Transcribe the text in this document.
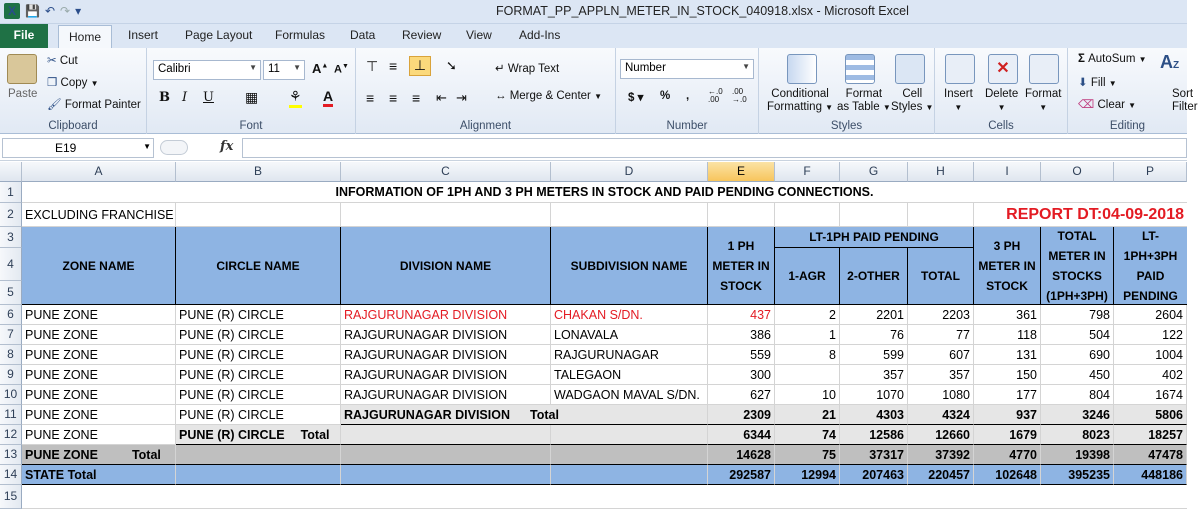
X 💾 ↶ ↷ ▾	FORMAT_PP_APPLN_METER_IN_STOCK_040918.xlsx - Microsoft Excel
File	Home	Insert Page Layout Formulas Data Review View Add-Ins
Paste
✂ Cut
❐ Copy ▼
🖌 Format Painter
Clipboard
Calibri	▼ 11 ▼ A▲ A▼
B I U ▦ ⚘ A
Font
⊤ ≡	⊥	➘
≡ ≡ ≡ ⇤ ⇥
↵ Wrap Text
↔ Merge & Center ▼
Alignment
Number	▼
$ ▾ % , ←.0
.00
.00
→.0
Number
Conditional
Formatting ▼
Format
as Table ▼
Cell
Styles ▼
Styles
Insert
▼
✕
Delete
▼
Format
▼
Cells
Σ AutoSum ▼
⬇ Fill ▼
⌫ Clear ▼
AZ
Sort
Filter
Editing
E19	▼	fx
A	B	C	D	E	F	G	H	I	O	P
1
2
3
4
5
6
7
8
9
10
11
12
13
14
15
INFORMATION OF 1PH AND 3 PH METERS IN STOCK AND PAID PENDING CONNECTIONS.
EXCLUDING FRANCHISE	REPORT DT:04-09-2018
ZONE NAME	CIRCLE NAME	DIVISION NAME	SUBDIVISION NAME
1 PH METER IN STOCK
LT-1PH PAID PENDING
1-AGR	2-OTHER	TOTAL
3 PH METER IN STOCK
TOTAL METER IN STOCKS (1PH+3PH)
LT-1PH+3PH PAID PENDING
PUNE ZONE	PUNE (R) CIRCLE	RAJGURUNAGAR DIVISION	CHAKAN S/DN.	437	2	2201	2203	361	798	2604
PUNE ZONE	PUNE (R) CIRCLE	RAJGURUNAGAR DIVISION	LONAVALA	386	1	76	77	118	504	122
PUNE ZONE	PUNE (R) CIRCLE	RAJGURUNAGAR DIVISION	RAJGURUNAGAR	559	8	599	607	131	690	1004
PUNE ZONE	PUNE (R) CIRCLE	RAJGURUNAGAR DIVISION	TALEGAON	300	357	357	150	450	402
PUNE ZONE	PUNE (R) CIRCLE	RAJGURUNAGAR DIVISION	WADGAON MAVAL S/DN.	627	10	1070	1080	177	804	1674
PUNE ZONE	PUNE (R) CIRCLE	RAJGURUNAGAR DIVISION Total	2309	21	4303	4324	937	3246	5806
PUNE ZONE	PUNE (R) CIRCLE Total	6344	74	12586	12660	1679	8023	18257
PUNE ZONE	Total	14628	75	37317	37392	4770	19398	47478
STATE Total	292587	12994	207463	220457	102648	395235	448186
